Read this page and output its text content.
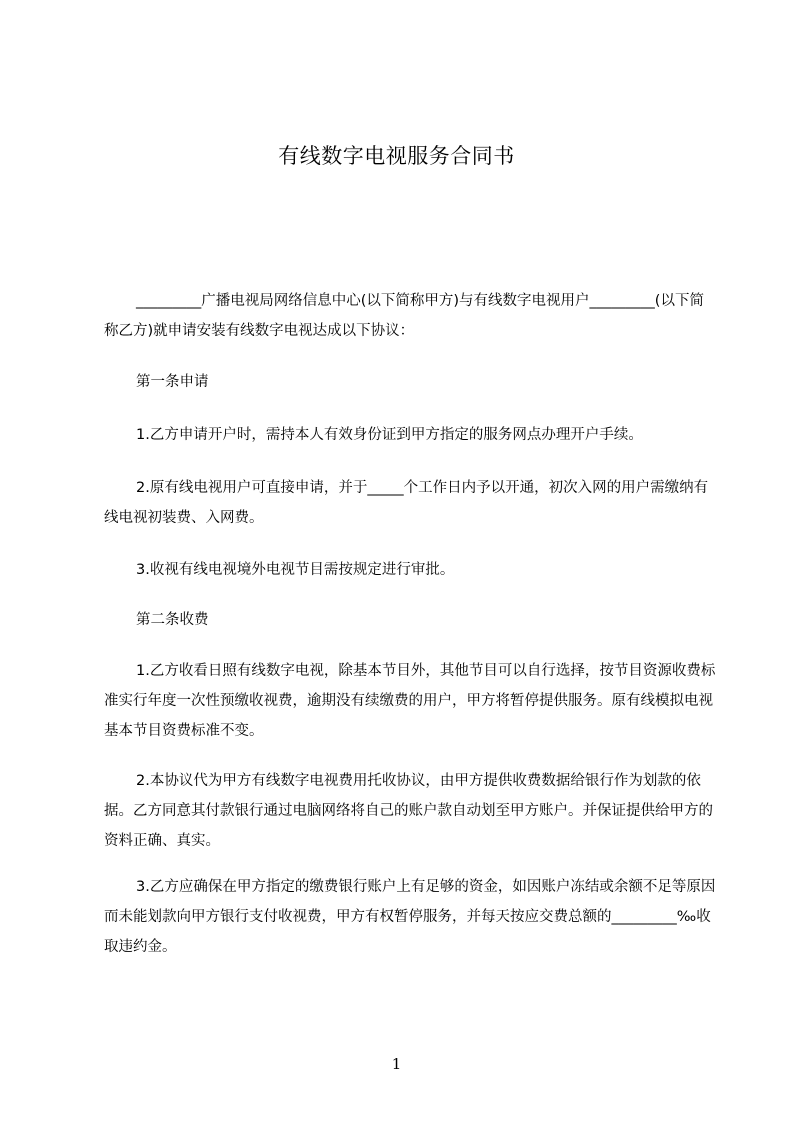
有线数字电视服务合同书
_________广播电视局网络信息中心(以下简称甲方)与有线数字电视用户_________(以下简称乙方)就申请安装有线数字电视达成以下协议：
第一条申请
1.乙方申请开户时，需持本人有效身份证到甲方指定的服务网点办理开户手续。
2.原有线电视用户可直接申请，并于_____个工作日内予以开通，初次入网的用户需缴纳有线电视初装费、入网费。
3.收视有线电视境外电视节目需按规定进行审批。
第二条收费
1.乙方收看日照有线数字电视，除基本节目外，其他节目可以自行选择，按节目资源收费标准实行年度一次性预缴收视费，逾期没有续缴费的用户，甲方将暂停提供服务。原有线模拟电视基本节目资费标准不变。
2.本协议代为甲方有线数字电视费用托收协议，由甲方提供收费数据给银行作为划款的依据。乙方同意其付款银行通过电脑网络将自己的账户款自动划至甲方账户。并保证提供给甲方的资料正确、真实。
3.乙方应确保在甲方指定的缴费银行账户上有足够的资金，如因账户冻结或余额不足等原因而未能划款向甲方银行支付收视费，甲方有权暂停服务，并每天按应交费总额的_________‰收取违约金。
1
